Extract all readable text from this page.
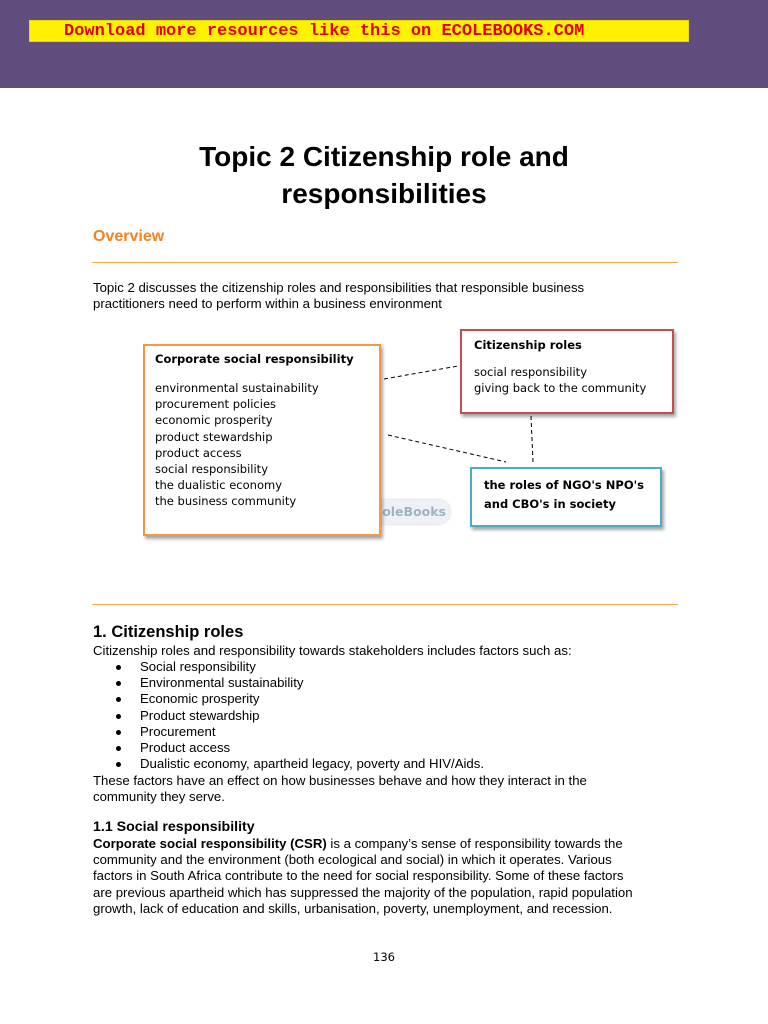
Download more resources like this on ECOLEBOOKS.COM
Topic 2 Citizenship role and
responsibilities
Overview

Topic 2 discusses the citizenship roles and responsibilities that responsible business
practitioners need to perform within a business environment

oleBooks
Corporate social responsibility
environmental sustainability
procurement policies
economic prosperity
product stewardship
product access
social responsibility
the dualistic economy
the business community
Citizenship roles
social responsibility
giving back to the community
the roles of NGO's NPO's
and CBO's in society
1. Citizenship roles

Citizenship roles and responsibility towards stakeholders includes factors such as:

Social responsibility
Environmental sustainability
Economic prosperity
Product stewardship
Procurement
Product access
Dualistic economy, apartheid legacy, poverty and HIV/Aids.

These factors have an effect on how businesses behave and how they interact in the
community they serve.

1.1 Social responsibility

Corporate social responsibility (CSR) is a company’s sense of responsibility towards the
community and the environment (both ecological and social) in which it operates. Various
factors in South Africa contribute to the need for social responsibility. Some of these factors
are previous apartheid which has suppressed the majority of the population, rapid population
growth, lack of education and skills, urbanisation, poverty, unemployment, and recession.

136
